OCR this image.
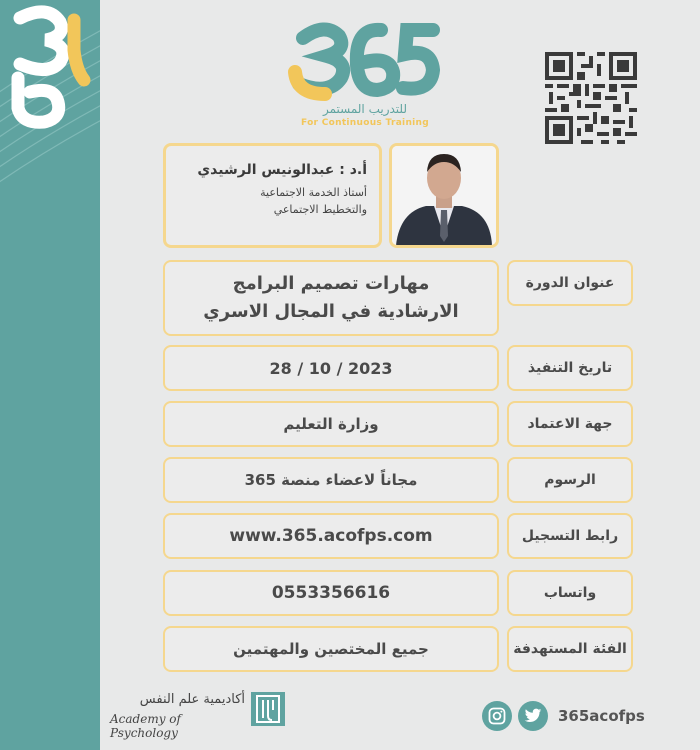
للتدريب المستمر
For Continuous Training
أ.د : عبدالونيس الرشيدي
أستاذ الخدمة الاجتماعية
والتخطيط الاجتماعي
مهارات تصميم البرامج
الارشادية في المجال الاسري
عنوان الدورة
2023 / 10 / 28	تاريخ التنفيذ
وزارة التعليم	جهة الاعتماد
مجاناً لاعضاء منصة 365	الرسوم
www.365.acofps.com	رابط التسجيل
0553356616	واتساب
جميع المختصين والمهتمين	الفئة المستهدفة
أكاديمية علم النفس
Academy of Psychology
365acofps
